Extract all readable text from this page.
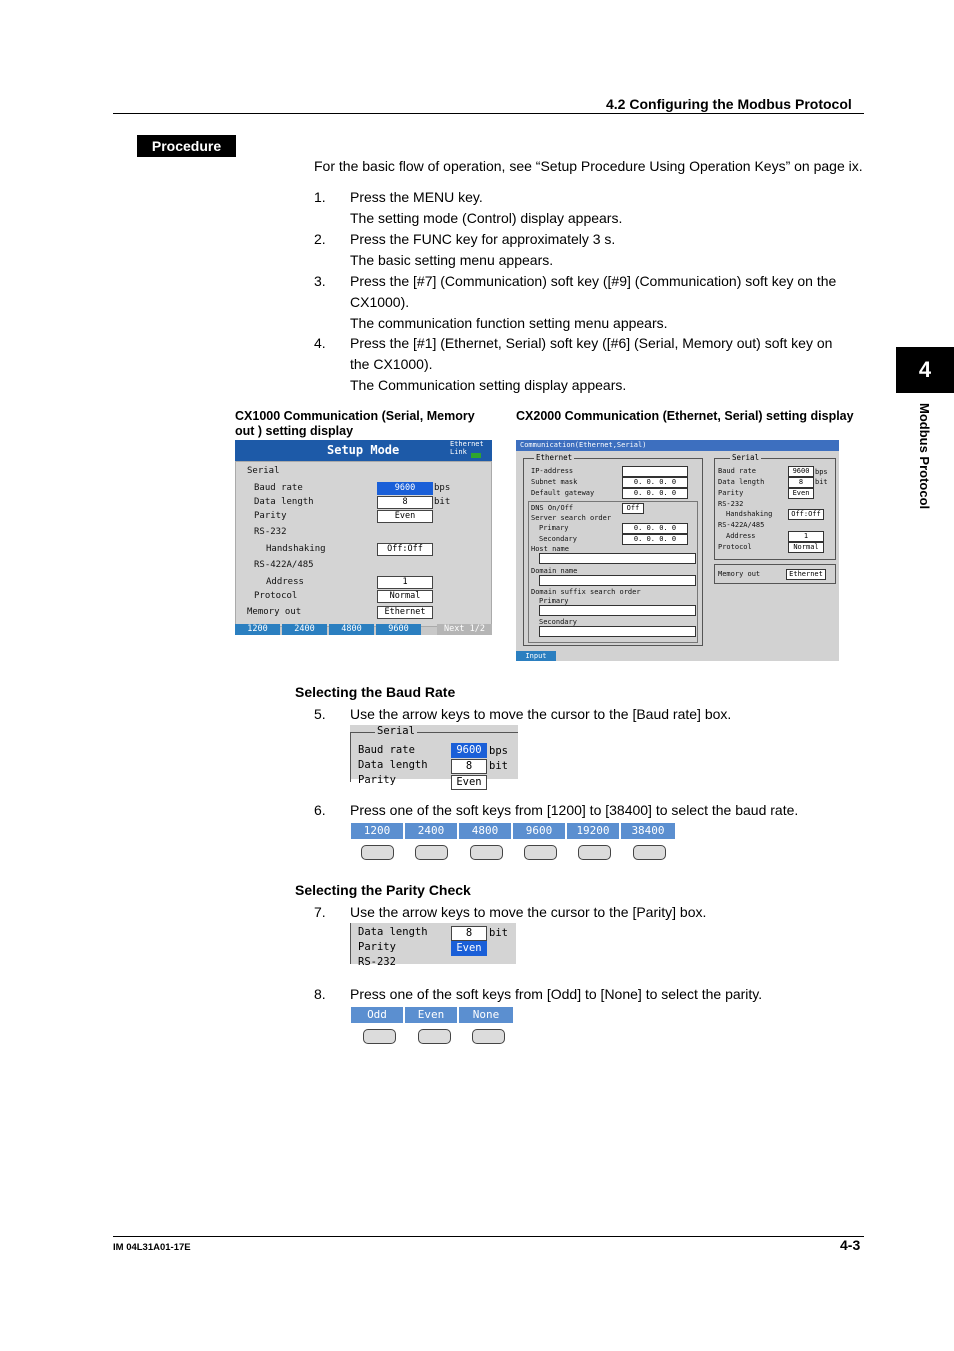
4.2 Configuring the Modbus Protocol
Procedure
4
Modbus Protocol
For the basic flow of operation, see “Setup Procedure Using Operation Keys” on page ix.
1. Press the MENU key.
The setting mode (Control) display appears.
2. Press the FUNC key for approximately 3 s.
The basic setting menu appears.
3. Press the [#7] (Communication) soft key ([#9] (Communication) soft key on the
CX1000).
The communication function setting menu appears.
4. Press the [#1] (Ethernet, Serial) soft key ([#6] (Serial, Memory out) soft key on
the CX1000).
The Communication setting display appears.
CX1000 Communication (Serial, Memory
out ) setting display
CX2000 Communication (Ethernet, Serial) setting display
Setup Mode	Ethernet
Link
Serial
Baud rate	9600	bps
Data length	8	bit
Parity	Even
RS-232
Handshaking	Off:Off
RS-422A/485
Address	1
Protocol	Normal
Memory out	Ethernet
1200	2400	4800	9600	Next 1/2
Communication(Ethernet,Serial)
Ethernet
IP-address	0. 0. 0. 0
Subnet mask	0. 0. 0. 0
Default gateway	0. 0. 0. 0
DNS On/Off	Off
Server search order
Primary	0. 0. 0. 0
Secondary	0. 0. 0. 0
Host name
Domain name
Domain suffix search order
Primary
Secondary
Serial
Baud rate	9600 bps
Data length	8	bit
Parity	Even
RS-232
Handshaking	Off:Off
RS-422A/485
Address	1
Protocol	Normal
Memory out	Ethernet
Input
Selecting the Baud Rate
5. Use the arrow keys to move the cursor to the [Baud rate] box.
Serial
Baud rate	9600 bps
Data length	8	bit
Parity	Even
6. Press one of the soft keys from [1200] to [38400] to select the baud rate.
1200	2400	4800	9600	19200	38400
Selecting the Parity Check
7. Use the arrow keys to move the cursor to the [Parity] box.
Data length	8	bit
Parity	Even
RS-232
8. Press one of the soft keys from [Odd] to [None] to select the parity.
Odd	Even	None
IM 04L31A01-17E	4-3
